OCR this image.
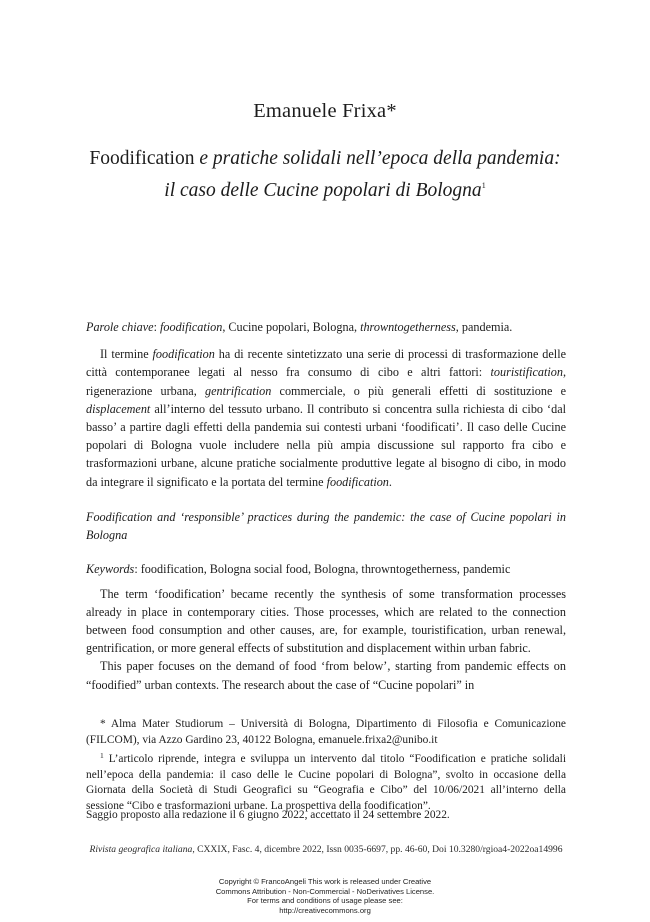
Emanuele Frixa*
Foodification e pratiche solidali nell’epoca della pandemia:
il caso delle Cucine popolari di Bologna$^1$

Parole chiave: foodification, Cucine popolari, Bologna, throwntogetherness, pandemia.

Il termine foodification ha di recente sintetizzato una serie di processi di trasformazione delle città contemporanee legati al nesso fra consumo di cibo e altri fattori: touristification, rigenerazione urbana, gentrification commerciale, o più generali effetti di sostituzione e displacement all’interno del tessuto urbano. Il contributo si concentra sulla richiesta di cibo ‘dal basso’ a partire dagli effetti della pandemia sui contesti urbani ‘foodificati’. Il caso delle Cucine popolari di Bologna vuole includere nella più ampia discussione sul rapporto fra cibo e trasformazioni urbane, alcune pratiche socialmente produttive legate al bisogno di cibo, in modo da integrare il significato e la portata del termine foodification.

Foodification and ‘responsible’ practices during the pandemic: the case of Cucine popolari in Bologna

Keywords: foodification, Bologna social food, Bologna, throwntogetherness, pandemic

The term ‘foodification’ became recently the synthesis of some transformation processes already in place in contemporary cities. Those processes, which are related to the connection between food consumption and other causes, are, for example, touristification, urban renewal, gentrification, or more general effects of substitution and displacement within urban fabric.

This paper focuses on the demand of food ‘from below’, starting from pandemic effects on “foodified” urban contexts. The research about the case of “Cucine popolari” in

* Alma Mater Studiorum – Università di Bologna, Dipartimento di Filosofia e Comunicazione (FILCOM), via Azzo Gardino 23, 40122 Bologna, emanuele.frixa2@unibo.it

$^1$ L’articolo riprende, integra e sviluppa un intervento dal titolo “Foodification e pratiche solidali nell’epoca della pandemia: il caso delle le Cucine popolari di Bologna”, svolto in occasione della Giornata della Società di Studi Geografici su “Geografia e Cibo” del 10/06/2021 all’interno della sessione “Cibo e trasformazioni urbane. La prospettiva della foodification”.

Saggio proposto alla redazione il 6 giugno 2022, accettato il 24 settembre 2022.
Rivista geografica italiana, CXXIX, Fasc. 4, dicembre 2022, Issn 0035-6697, pp. 46-60, Doi 10.3280/rgioa4-2022oa14996
Copyright © FrancoAngeli This work is released under Creative
Commons Attribution - Non-Commercial - NoDerivatives License.
For terms and conditions of usage please see:
http://creativecommons.org
